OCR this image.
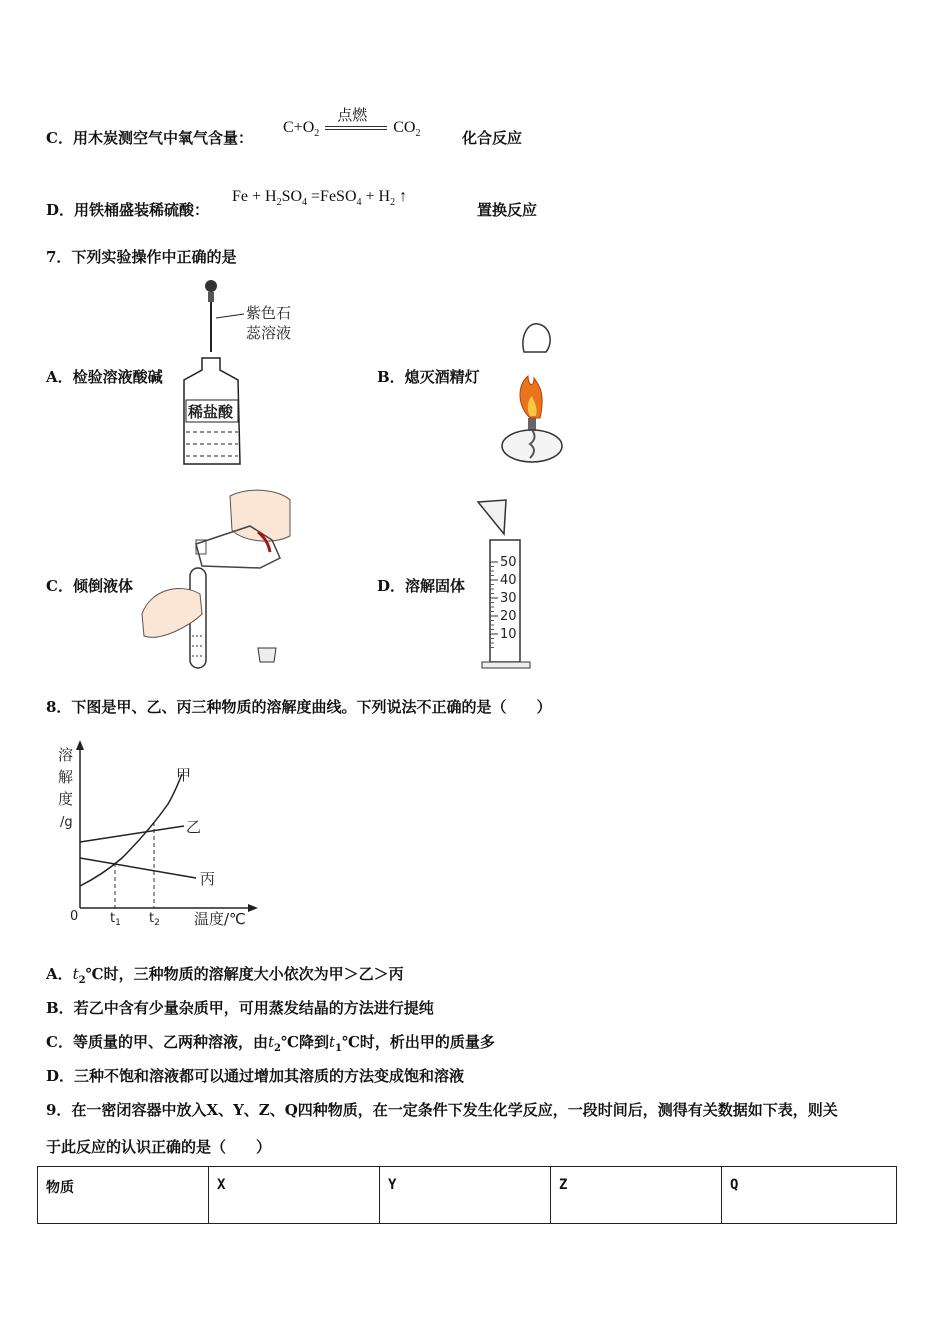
C．用木炭测空气中氧气含量：
$C+O_2$
点燃
$CO_2$	化合反应
D．用铁桶盛装稀硫酸：
$Fe + H_2SO_4$ =FeSO$_4$ + $H_2$ ↑
置换反应
7．下列实验操作中正确的是
A．检验溶液酸碱	B．熄灭酒精灯
C．倾倒液体	D．溶解固体
紫色石
蕊溶液
稀盐酸
50
40
30
20
10
8．下图是甲、乙、丙三种物质的溶解度曲线。下列说法不正确的是（　　）
溶
解
度
/g
0 $t_1$ $t_2$ 温度/℃
甲
乙
丙
A．$t_2℃$时，三种物质的溶解度大小依次为甲＞乙＞丙
B．若乙中含有少量杂质甲，可用蒸发结晶的方法进行提纯
C．等质量的甲、乙两种溶液，由$t_2℃$降到$t_1℃$时，析出甲的质量多
D．三种不饱和溶液都可以通过增加其溶质的方法变成饱和溶液
9．在一密闭容器中放入X、Y、Z、Q四种物质，在一定条件下发生化学反应，一段时间后，测得有关数据如下表，则关
于此反应的认识正确的是（　　）
物质	X	Y	Z	Q
